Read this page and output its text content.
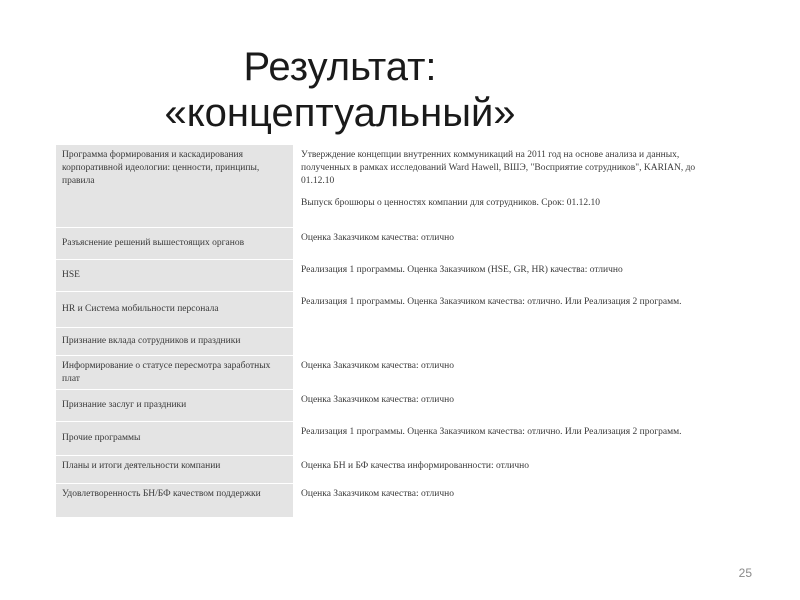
Результат:
«концептуальный»
Программа формирования и каскадирования корпоративной идеологии: ценности, принципы, правила	Утверждение концепции внутренних коммуникаций на 2011 год на основе анализа и данных, полученных в рамках исследований Ward Hawell, ВШЭ, "Восприятие сотрудников", KARIAN, до 01.12.10

Выпуск брошюры о ценностях компании для сотрудников. Срок: 01.12.10

Разъяснение решений вышестоящих органов	Оценка Заказчиком качества: отлично
HSE	Реализация 1 программы. Оценка Заказчиком (HSE, GR, HR) качества: отлично
HR и Система мобильности персонала	Реализация 1 программы. Оценка Заказчиком качества: отлично. Или Реализация 2 программ.
Признание вклада сотрудников и праздники	
Информирование о статусе пересмотра заработных плат	Оценка Заказчиком качества: отлично
Признание заслуг и праздники	Оценка Заказчиком качества: отлично
Прочие программы	Реализация 1 программы. Оценка Заказчиком качества: отлично. Или Реализация 2 программ.
Планы и итоги деятельности компании	Оценка БН и БФ качества информированности: отлично
Удовлетворенность БН/БФ качеством поддержки	Оценка Заказчиком качества: отлично
25
